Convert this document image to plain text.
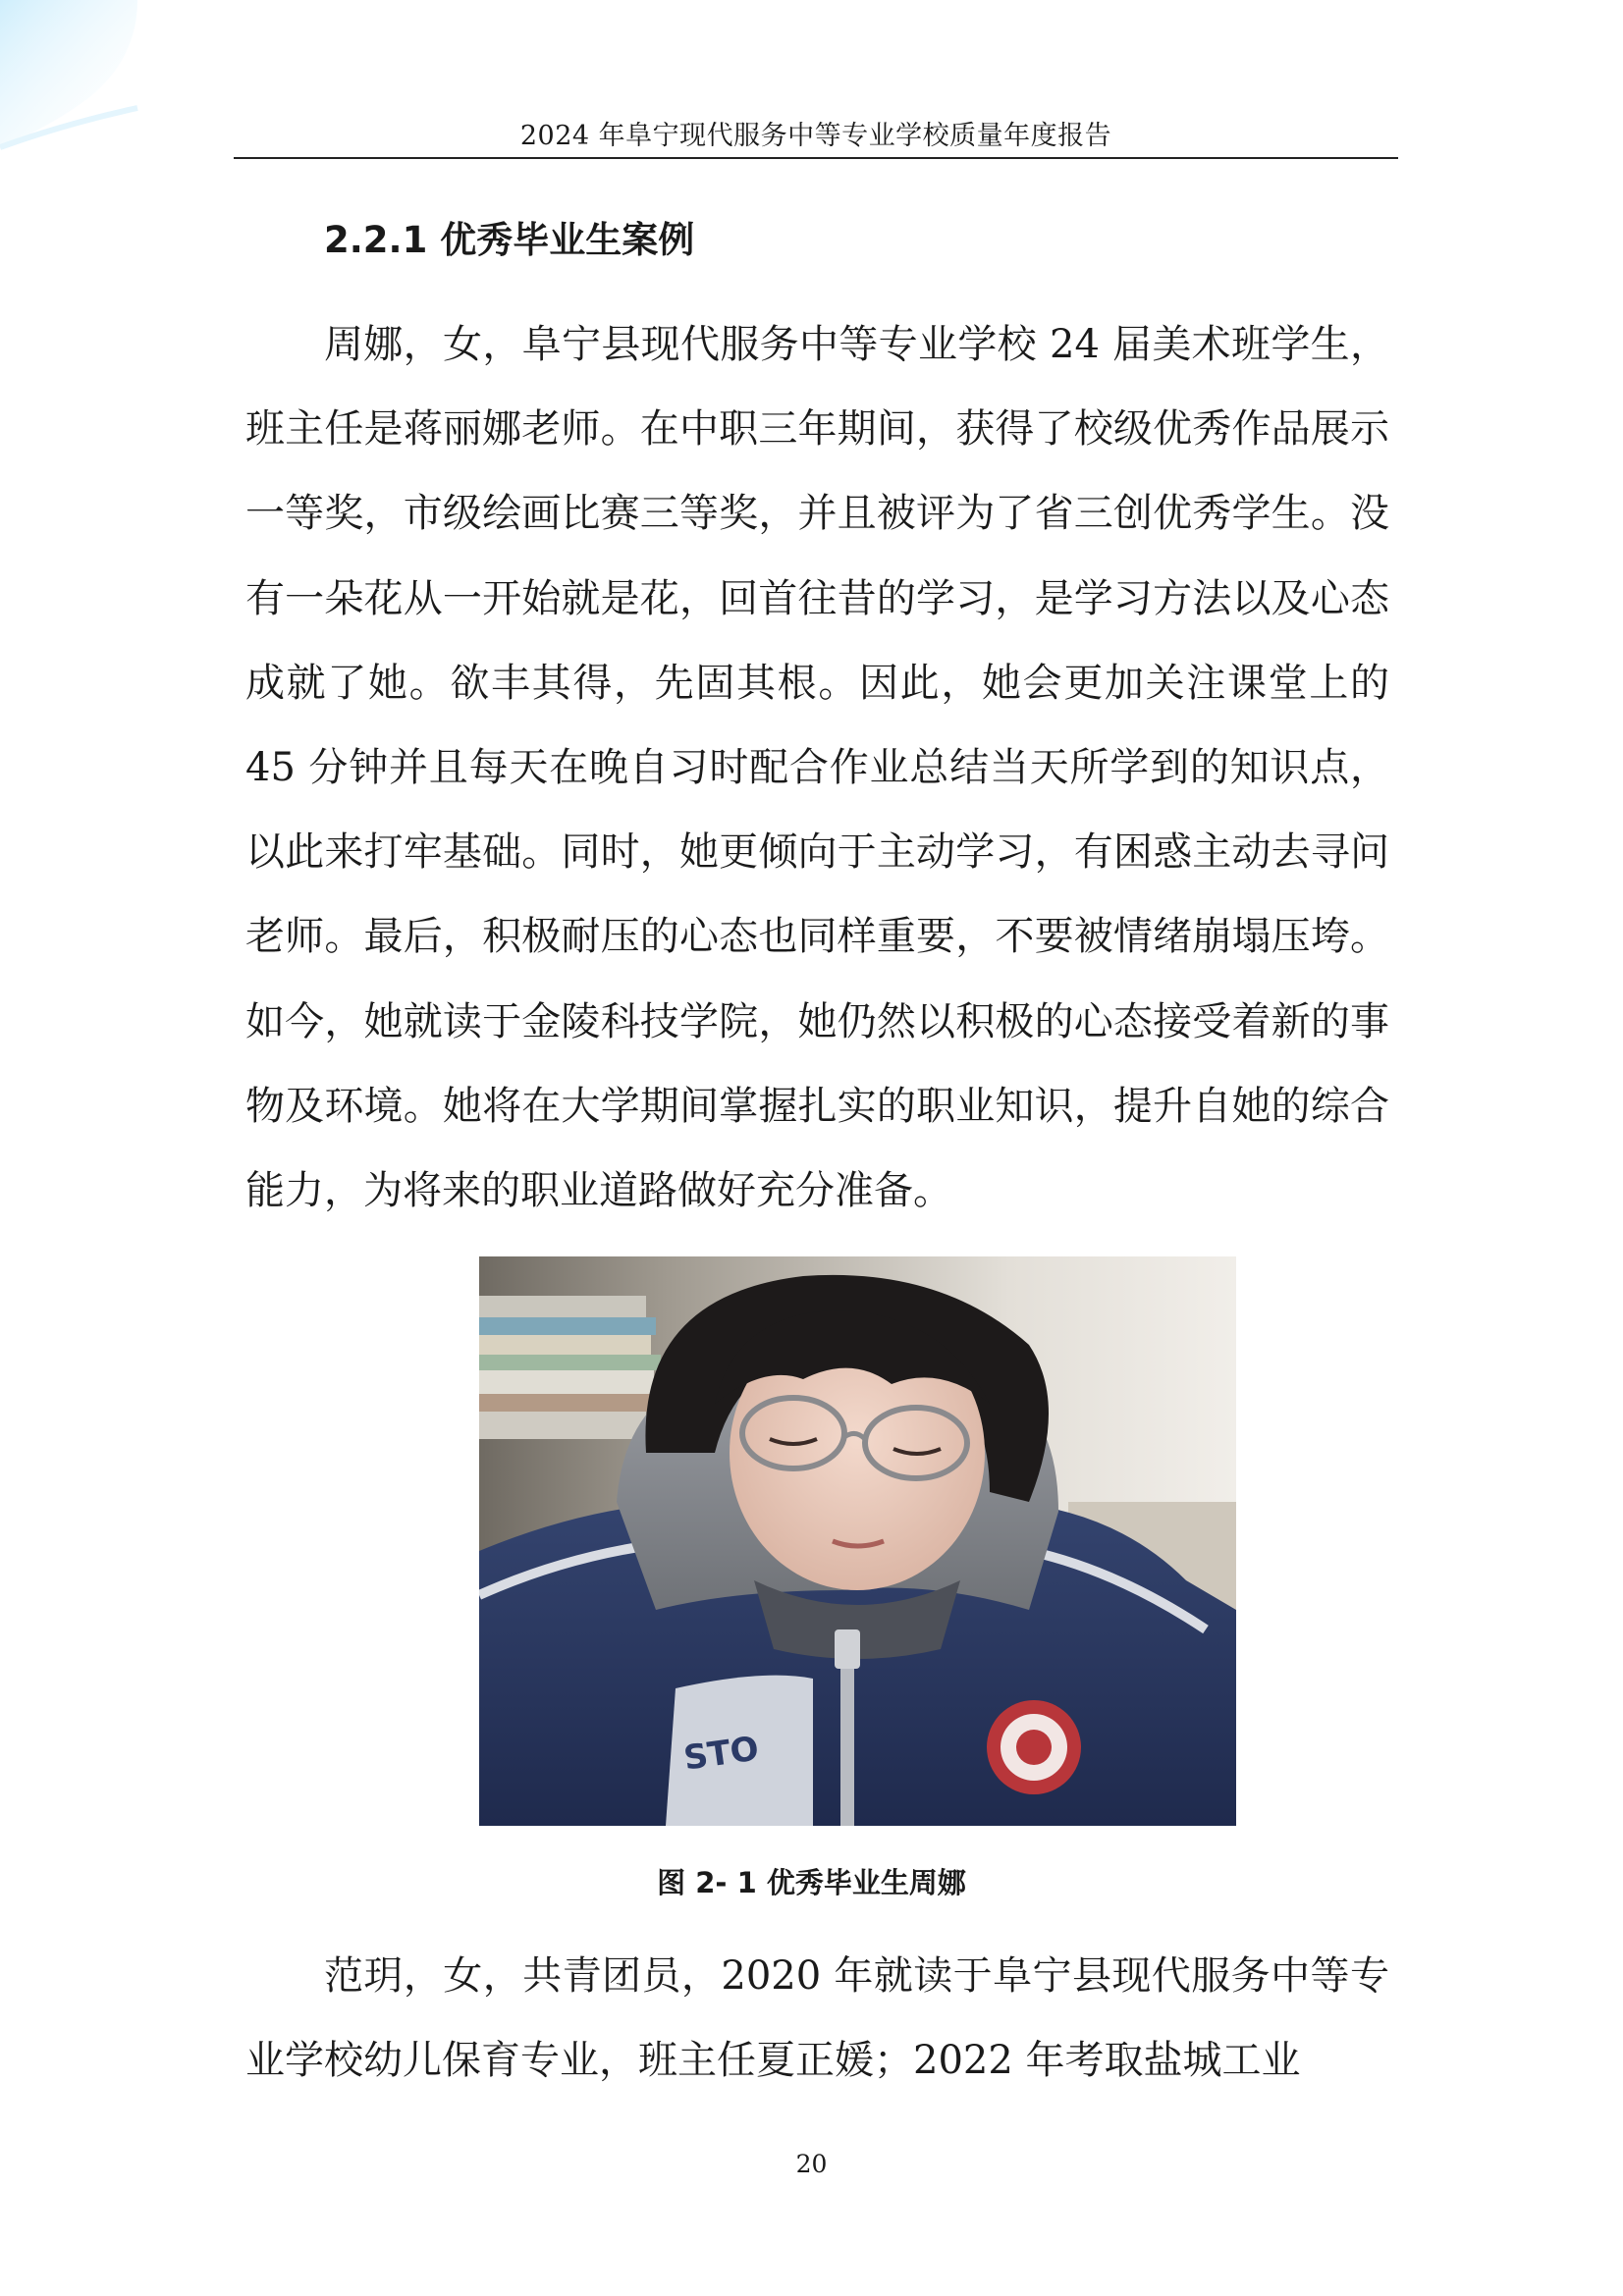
2024 年阜宁现代服务中等专业学校质量年度报告
2.2.1 优秀毕业生案例

周娜，女，阜宁县现代服务中等专业学校 24 届美术班学生，班主任是蒋丽娜老师。在中职三年期间，获得了校级优秀作品展示一等奖，市级绘画比赛三等奖，并且被评为了省三创优秀学生。没有一朵花从一开始就是花，回首往昔的学习，是学习方法以及心态成就了她。欲丰其得，先固其根。因此，她会更加关注课堂上的 45 分钟并且每天在晚自习时配合作业总结当天所学到的知识点，以此来打牢基础。同时，她更倾向于主动学习，有困惑主动去寻问老师。最后，积极耐压的心态也同样重要，不要被情绪崩塌压垮。如今，她就读于金陵科技学院，她仍然以积极的心态接受着新的事物及环境。她将在大学期间掌握扎实的职业知识，提升自她的综合能力，为将来的职业道路做好充分准备。

STO
图 2- 1 优秀毕业生周娜

范玥，女，共青团员，2020 年就读于阜宁县现代服务中等专业学校幼儿保育专业，班主任夏正媛；2022 年考取盐城工业

20
